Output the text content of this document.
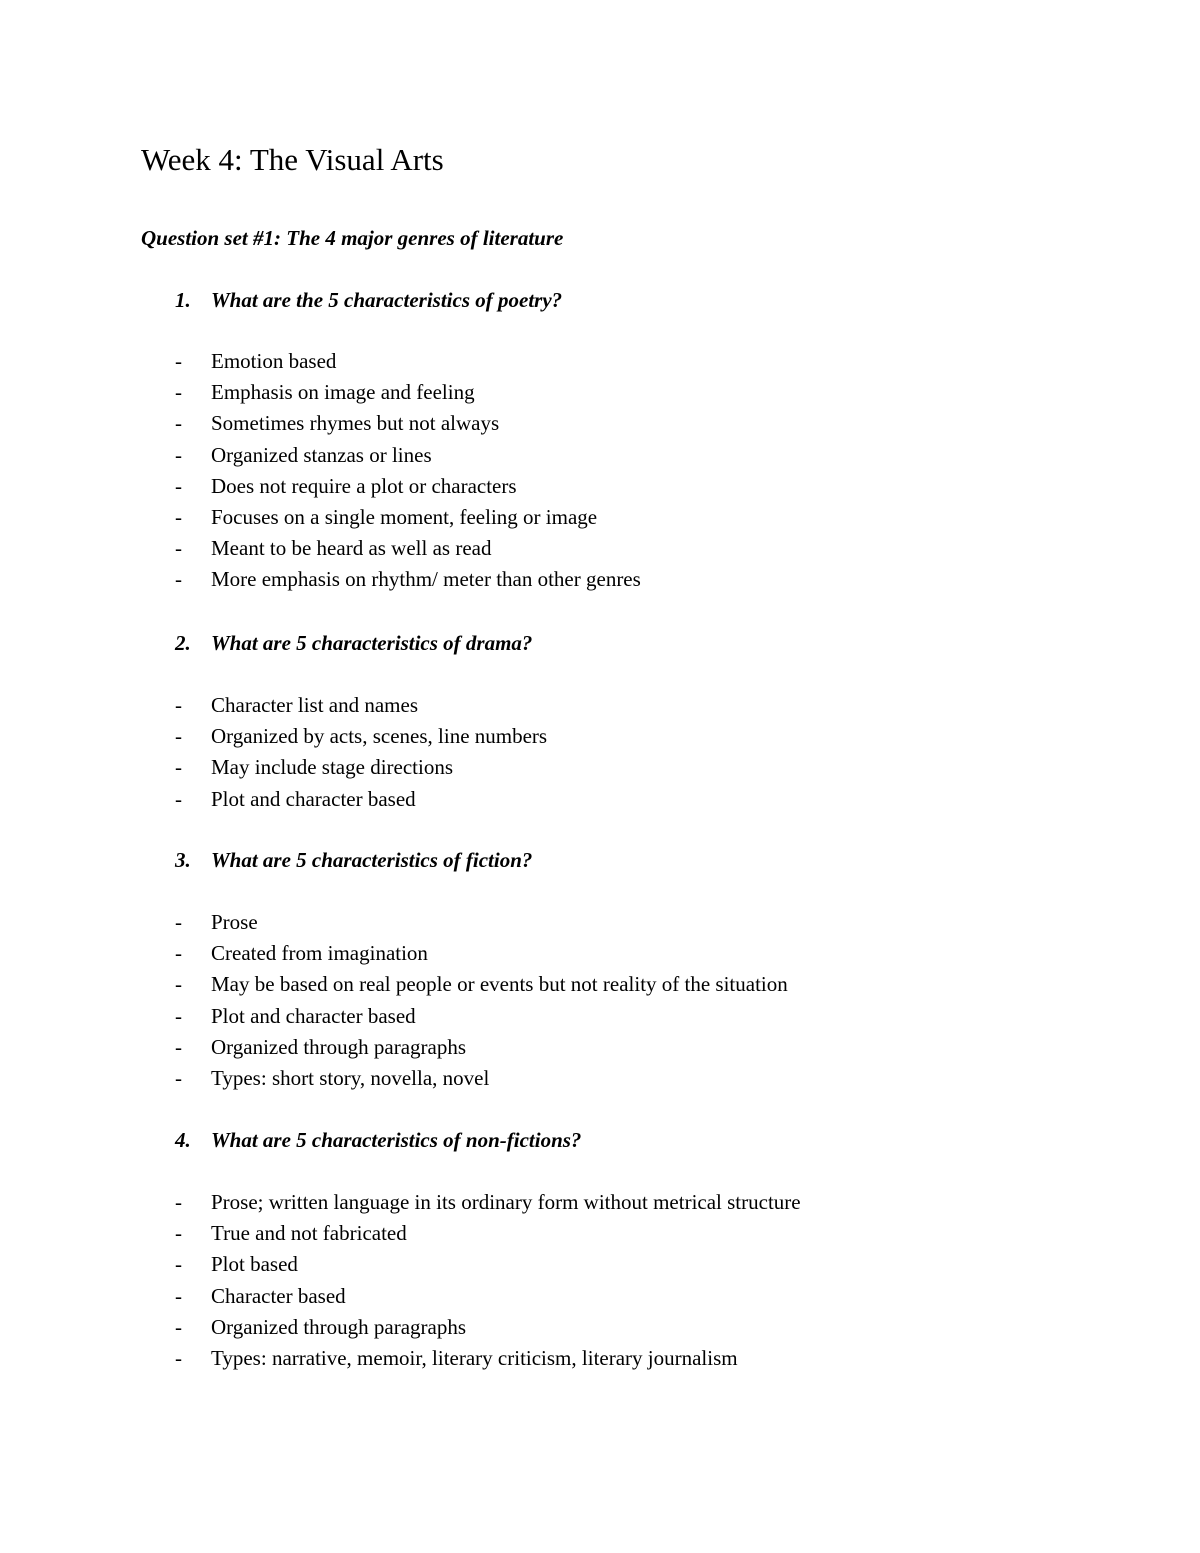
Week 4: The Visual Arts
Question set #1: The 4 major genres of literature
1. What are the 5 characteristics of poetry?
- Emotion based
- Emphasis on image and feeling
- Sometimes rhymes but not always
- Organized stanzas or lines
- Does not require a plot or characters
- Focuses on a single moment, feeling or image
- Meant to be heard as well as read
- More emphasis on rhythm/ meter than other genres
2. What are 5 characteristics of drama?
- Character list and names
- Organized by acts, scenes, line numbers
- May include stage directions
- Plot and character based
3. What are 5 characteristics of fiction?
- Prose
- Created from imagination
- May be based on real people or events but not reality of the situation
- Plot and character based
- Organized through paragraphs
- Types: short story, novella, novel
4. What are 5 characteristics of non-fictions?
- Prose; written language in its ordinary form without metrical structure
- True and not fabricated
- Plot based
- Character based
- Organized through paragraphs
- Types: narrative, memoir, literary criticism, literary journalism
